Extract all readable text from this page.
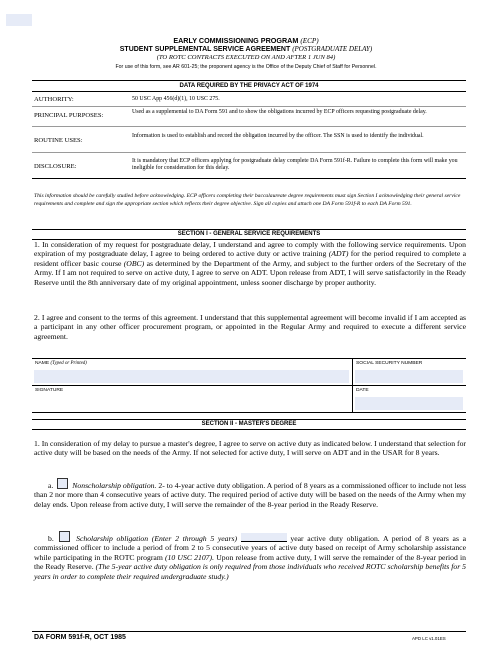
EARLY COMMISSIONING PROGRAM (ECP)
STUDENT SUPPLEMENTAL SERVICE AGREEMENT (POSTGRADUATE DELAY)
(TO ROTC CONTRACTS EXECUTED ON AND AFTER 1 JUN 84)
For use of this form, see AR 601-25; the proponent agency is the Office of the Deputy Chief of Staff for Personnel.
DATA REQUIRED BY THE PRIVACY ACT OF 1974
AUTHORITY:	50 USC App 456(d)(1), 10 USC 275.
PRINCIPAL PURPOSES:	Used as a supplemental to DA Form 591 and to show the obligations incurred by ECP officers requesting postgraduate delay.
ROUTINE USES:
Information is used to establish and record the obligation incurred by the officer. The SSN is used to identify the individual.
DISCLOSURE:
It is mandatory that ECP officers applying for postgraduate delay complete DA Form 591f-R. Failure to complete this form will make you ineligible for consideration for this delay.
This information should be carefully studied before acknowledging. ECP officers completing their baccalaureate degree requirements must sign Section I acknowledging their general service requirements and complete and sign the appropriate section which reflects their degree objective. Sign all copies and attach one DA Form 591f-R to each DA Form 591.
SECTION I - GENERAL SERVICE REQUIREMENTS
1. In consideration of my request for postgraduate delay, I understand and agree to comply with the following service requirements. Upon expiration of my postgraduate delay, I agree to being ordered to active duty or active training (ADT) for the period required to complete a resident officer basic course (OBC) as determined by the Department of the Army, and subject to the further orders of the Secretary of the Army. If I am not required to serve on active duty, I agree to serve on ADT. Upon release from ADT, I will serve satisfactorily in the Ready Reserve until the 8th anniversary date of my original appointment, unless sooner discharge by proper authority.
2. I agree and consent to the terms of this agreement. I understand that this supplemental agreement will become invalid if I am accepted as a participant in any other officer procurement program, or appointed in the Regular Army and required to execute a different service agreement.
NAME (Typed or Printed)	SOCIAL SECURITY NUMBER
SIGNATURE	DATE
SECTION II - MASTER'S DEGREE
1. In consideration of my delay to pursue a master's degree, I agree to serve on active duty as indicated below. I understand that selection for active duty will be based on the needs of the Army. If not selected for active duty, I will serve on ADT and in the USAR for 8 years.
a. Nonscholarship obligation. 2- to 4-year active duty obligation. A period of 8 years as a commissioned officer to include not less than 2 nor more than 4 consecutive years of active duty. The required period of active duty will be based on the needs of the Army when my delay ends. Upon release from active duty, I will serve the remainder of the 8-year period in the Ready Reserve.
b.	Scholarship obligation (Enter 2 through 5 years)	year active duty obligation. A period of 8 years as a commissioned officer to include a period of from 2 to 5 consecutive years of active duty based on receipt of Army scholarship assistance while participating in the ROTC program (10 USC 2107). Upon release from active duty, I will serve the remainder of the 8-year period in the Ready Reserve. (The 5-year active duty obligation is only required from those individuals who received ROTC scholarship benefits for 5 years in order to complete their required undergraduate study.)
DA FORM 591f-R, OCT 1985	APD LC v1.01ES
